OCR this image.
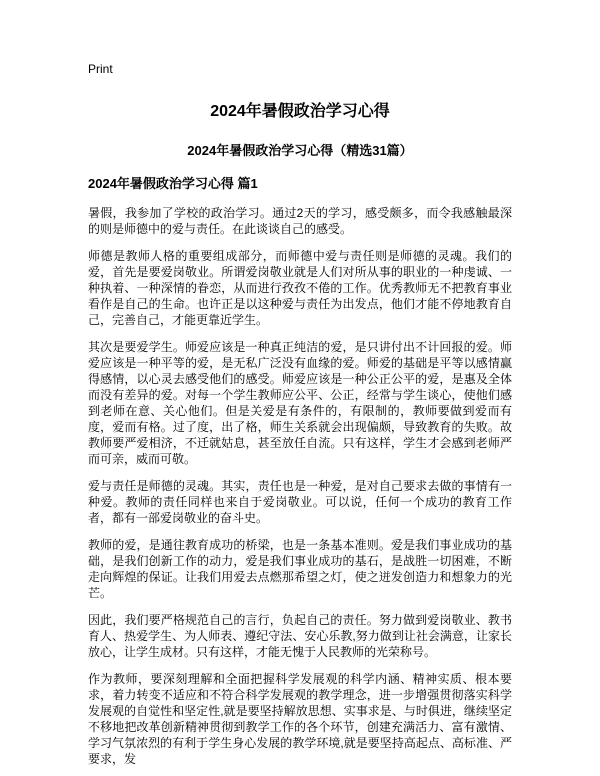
Print
2024年暑假政治学习心得
2024年暑假政治学习心得（精选31篇）
2024年暑假政治学习心得 篇1

暑假，我参加了学校的政治学习。通过2天的学习，感受颇多，而令我感触最深的则是师德中的爱与责任。在此谈谈自己的感受。

师德是教师人格的重要组成部分，而师德中爱与责任则是师德的灵魂。我们的爱，首先是要爱岗敬业。所谓爱岗敬业就是人们对所从事的职业的一种虔诚、一种执着、一种深情的眷恋，从而进行孜孜不倦的工作。优秀教师无不把教育事业看作是自己的生命。也许正是以这种爱与责任为出发点，他们才能不停地教育自己，完善自己，才能更靠近学生。

其次是要爱学生。师爱应该是一种真正纯洁的爱，是只讲付出不计回报的爱。师爱应该是一种平等的爱，是无私广泛没有血缘的爱。师爱的基础是平等以感情赢得感情，以心灵去感受他们的感受。师爱应该是一种公正公平的爱，是惠及全体而没有差异的爱。对每一个学生教师应公平、公正，经常与学生谈心，使他们感到老师在意、关心他们。但是关爱是有条件的，有限制的，教师要做到爱而有度，爱而有格。过了度，出了格，师生关系就会出现偏颇，导致教育的失败。故教师要严爱相济，不迁就姑息，甚至放任自流。只有这样，学生才会感到老师严而可亲，威而可敬。

爱与责任是师德的灵魂。其实，责任也是一种爱，是对自己要求去做的事情有一种爱。教师的责任同样也来自于爱岗敬业。可以说，任何一个成功的教育工作者，都有一部爱岗敬业的奋斗史。

教师的爱，是通往教育成功的桥梁，也是一条基本准则。爱是我们事业成功的基础，是我们创新工作的动力，爱是我们事业成功的基石，是战胜一切困难，不断走向辉煌的保证。让我们用爱去点燃那希望之灯，使之迸发创造力和想象力的光芒。

因此，我们要严格规范自己的言行，负起自己的责任。努力做到爱岗敬业、教书育人、热爱学生、为人师表、遵纪守法、安心乐教,努力做到让社会满意，让家长放心，让学生成材。只有这样，才能无愧于人民教师的光荣称号。

作为教师，要深刻理解和全面把握科学发展观的科学内涵、精神实质、根本要求，着力转变不适应和不符合科学发展观的教学理念，进一步增强贯彻落实科学发展观的自觉性和坚定性,就是要坚持解放思想、实事求是、与时俱进，继续坚定不移地把改革创新精神贯彻到教学工作的各个环节，创建充满活力、富有激情、学习气氛浓烈的有利于学生身心发展的教学环境,就是要坚持高起点、高标准、严要求，发
